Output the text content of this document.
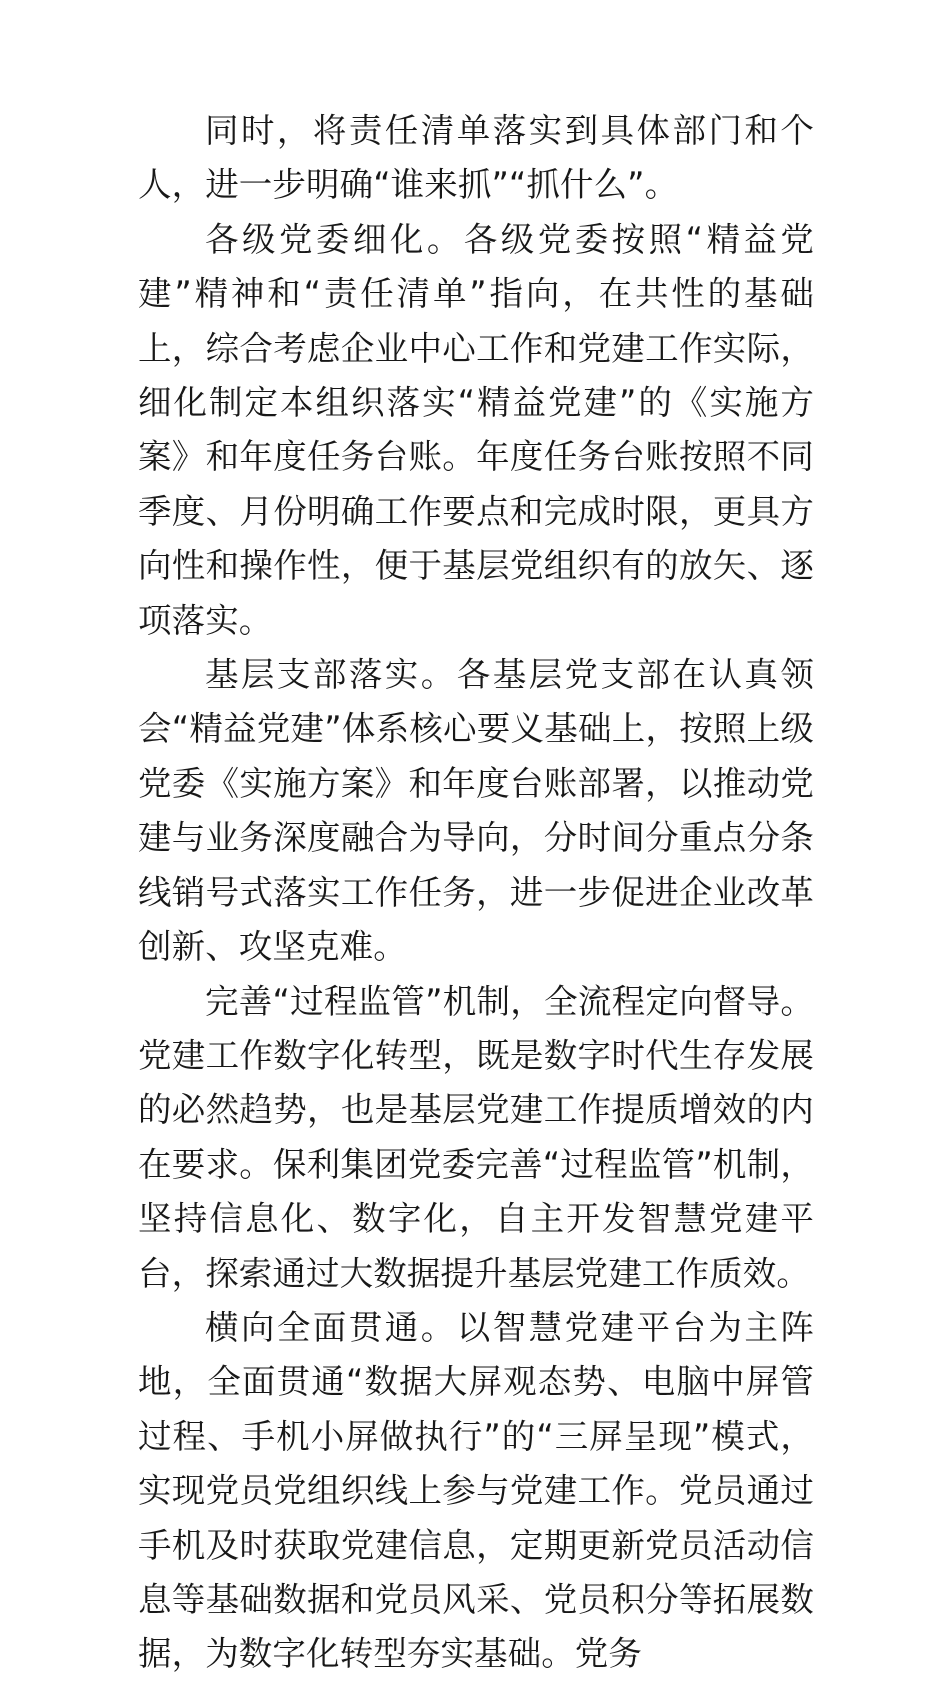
同时，将责任清单落实到具体部门和个人，进一步明确“谁来抓”“抓什么”。

各级党委细化。各级党委按照“精益党建”精神和“责任清单”指向，在共性的基础上，综合考虑企业中心工作和党建工作实际，细化制定本组织落实“精益党建”的《实施方案》和年度任务台账。年度任务台账按照不同季度、月份明确工作要点和完成时限，更具方向性和操作性，便于基层党组织有的放矢、逐项落实。

基层支部落实。各基层党支部在认真领会“精益党建”体系核心要义基础上，按照上级党委《实施方案》和年度台账部署，以推动党建与业务深度融合为导向，分时间分重点分条线销号式落实工作任务，进一步促进企业改革创新、攻坚克难。

完善“过程监管”机制，全流程定向督导。党建工作数字化转型，既是数字时代生存发展的必然趋势，也是基层党建工作提质增效的内在要求。保利集团党委完善“过程监管”机制，坚持信息化、数字化，自主开发智慧党建平台，探索通过大数据提升基层党建工作质效。

横向全面贯通。以智慧党建平台为主阵地，全面贯通“数据大屏观态势、电脑中屏管过程、手机小屏做执行”的“三屏呈现”模式，实现党员党组织线上参与党建工作。党员通过手机及时获取党建信息，定期更新党员活动信息等基础数据和党员风采、党员积分等拓展数据，为数字化转型夯实基础。党务
